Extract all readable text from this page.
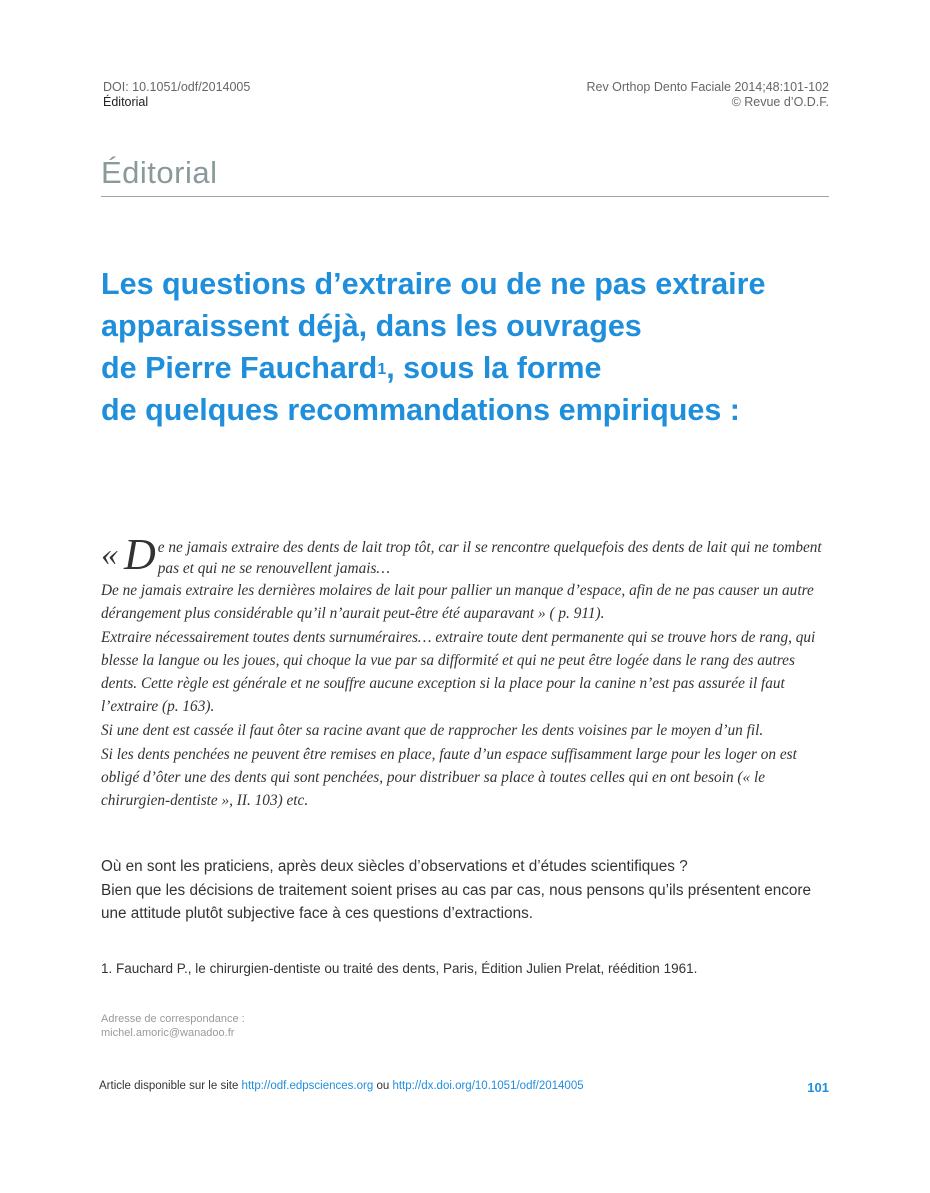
DOI: 10.1051/odf/2014005
Éditorial
Rev Orthop Dento Faciale 2014;48:101-102
© Revue d’O.D.F.
Éditorial
Les questions d’extraire ou de ne pas extraire
apparaissent déjà, dans les ouvrages
de Pierre Fauchard$^1$, sous la forme
de quelques recommandations empiriques :
« D e ne jamais extraire des dents de lait trop tôt, car il se rencontre quelquefois des dents de lait qui ne tombent pas et qui ne se renouvellent jamais…

De ne jamais extraire les dernières molaires de lait pour pallier un manque d’espace, afin de ne pas causer un autre dérangement plus considérable qu’il n’aurait peut-être été auparavant » ( p. 911).

Extraire nécessairement toutes dents surnuméraires… extraire toute dent permanente qui se trouve hors de rang, qui blesse la langue ou les joues, qui choque la vue par sa difformité et qui ne peut être logée dans le rang des autres dents. Cette règle est générale et ne souffre aucune exception si la place pour la canine n’est pas assurée il faut l’extraire (p. 163).

Si une dent est cassée il faut ôter sa racine avant que de rapprocher les dents voisines par le moyen d’un fil.

Si les dents penchées ne peuvent être remises en place, faute d’un espace suffisamment large pour les loger on est obligé d’ôter une des dents qui sont penchées, pour distribuer sa place à toutes celles qui en ont besoin (« le chirurgien-dentiste », II. 103) etc.

Où en sont les praticiens, après deux siècles d’observations et d’études scientifiques ?

Bien que les décisions de traitement soient prises au cas par cas, nous pensons qu’ils présentent encore une attitude plutôt subjective face à ces questions d’extractions.

1. Fauchard P., le chirurgien-dentiste ou traité des dents, Paris, Édition Julien Prelat, réédition 1961.
Adresse de correspondance :
michel.amoric@wanadoo.fr
Article disponible sur le site http://odf.edpsciences.org ou http://dx.doi.org/10.1051/odf/2014005	101
